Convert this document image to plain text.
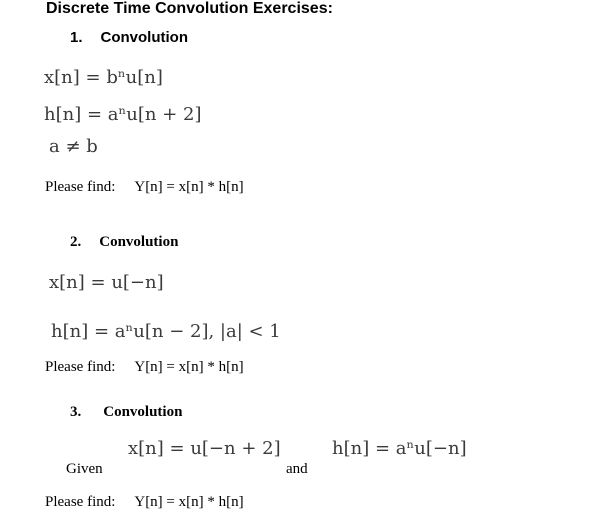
Discrete Time Convolution Exercises:
1. Convolution
x[n] = bⁿu[n]
h[n] = aⁿu[n + 2]
a ≠ b
Please find: Y[n] = x[n] * h[n]
2. Convolution
x[n] = u[−n]
h[n] = aⁿu[n − 2], |a| < 1
Please find: Y[n] = x[n] * h[n]
3. Convolution
x[n] = u[−n + 2]	h[n] = aⁿu[−n]
Given	and
Please find: Y[n] = x[n] * h[n]
